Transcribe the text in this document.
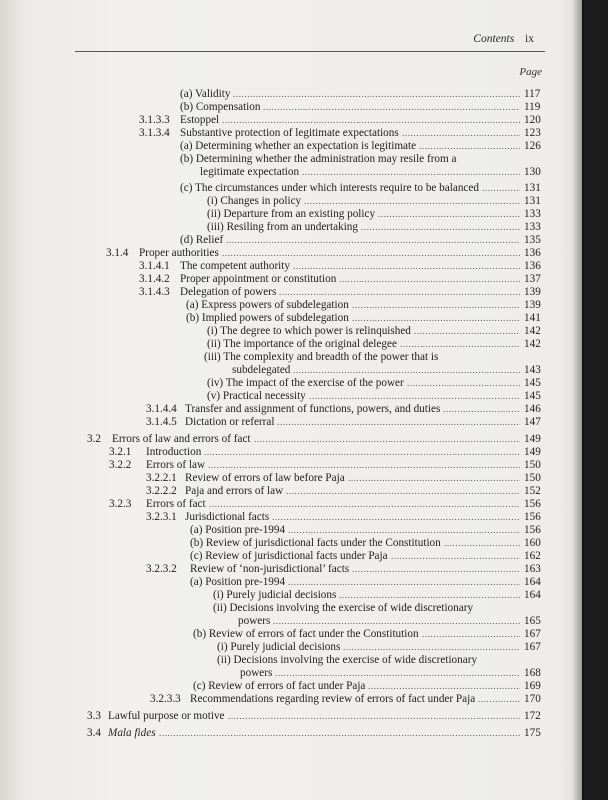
Contents ix
Page
(a) Validity .....	117
(b) Compensation .....	119
3.1.3.3 Estoppel .....	120
3.1.3.4 Substantive protection of legitimate expectations .....	123
(a) Determining whether an expectation is legitimate .....	126
(b) Determining whether the administration may resile from a
legitimate expectation .....	130
(c) The circumstances under which interests require to be balanced .....	131
(i) Changes in policy .....	131
(ii) Departure from an existing policy .....	133
(iii) Resiling from an undertaking .....	133
(d) Relief .....	135
3.1.4 Proper authorities .....	136
3.1.4.1 The competent authority .....	136
3.1.4.2 Proper appointment or constitution .....	137
3.1.4.3 Delegation of powers .....	139
(a) Express powers of subdelegation .....	139
(b) Implied powers of subdelegation .....	141
(i) The degree to which power is relinquished .....	142
(ii) The importance of the original delegee .....	142
(iii) The complexity and breadth of the power that is
subdelegated .....	143
(iv) The impact of the exercise of the power .....	145
(v) Practical necessity .....	145
3.1.4.4 Transfer and assignment of functions, powers, and duties .....	146
3.1.4.5 Dictation or referral .....	147
3.2 Errors of law and errors of fact .....	149
3.2.1 Introduction .....	149
3.2.2 Errors of law .....	150
3.2.2.1 Review of errors of law before Paja .....	150
3.2.2.2 Paja and errors of law .....	152
3.2.3 Errors of fact .....	156
3.2.3.1 Jurisdictional facts .....	156
(a) Position pre-1994 .....	156
(b) Review of jurisdictional facts under the Constitution .....	160
(c) Review of jurisdictional facts under Paja .....	162
3.2.3.2 Review of ‘non-jurisdictional’ facts .....	163
(a) Position pre-1994 .....	164
(i) Purely judicial decisions .....	164
(ii) Decisions involving the exercise of wide discretionary
powers .....	165
(b) Review of errors of fact under the Constitution .....	167
(i) Purely judicial decisions .....	167
(ii) Decisions involving the exercise of wide discretionary
powers .....	168
(c) Review of errors of fact under Paja .....	169
3.2.3.3 Recommendations regarding review of errors of fact under Paja .....	170
3.3 Lawful purpose or motive .....	172
3.4 Mala fides .....	175
